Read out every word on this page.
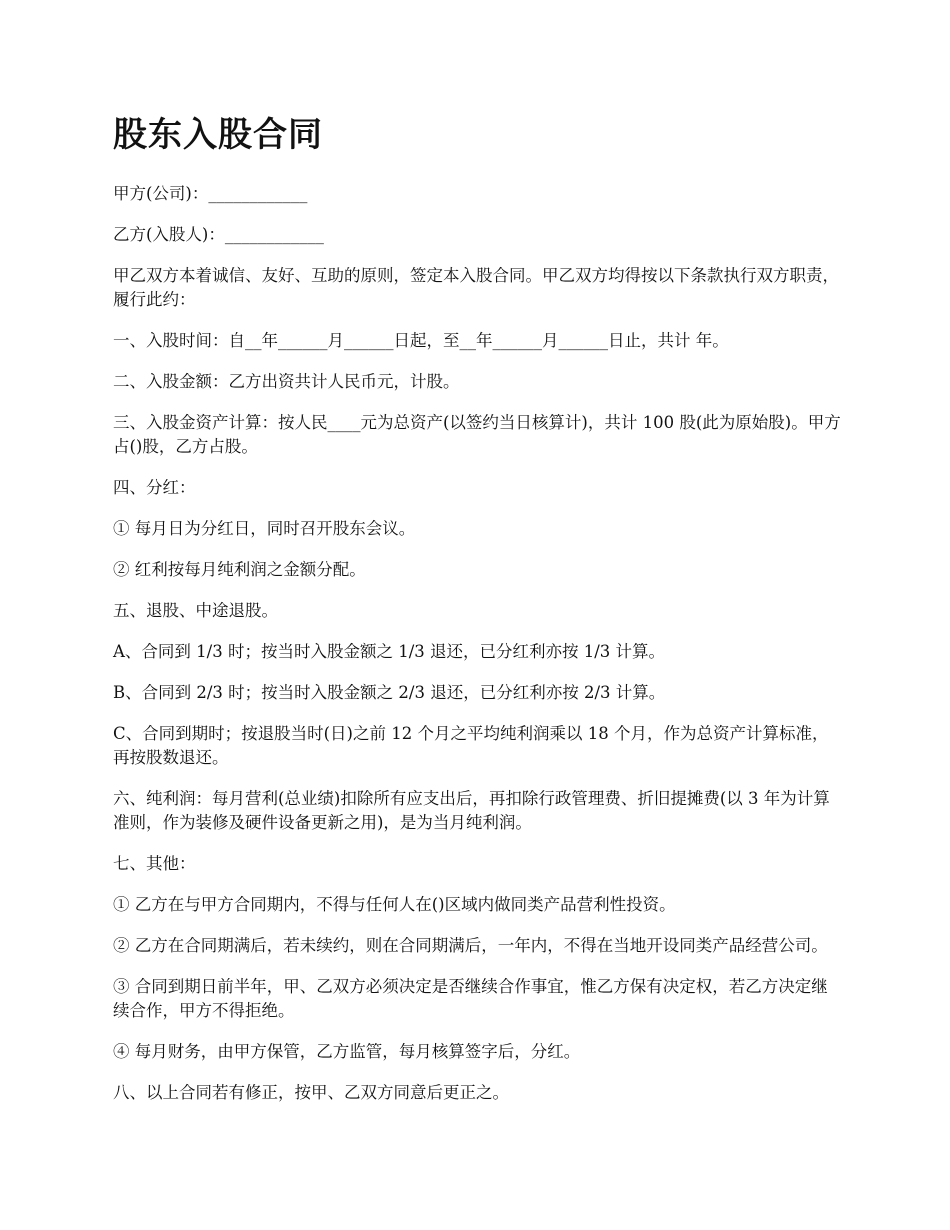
股东入股合同

甲方(公司)：____________

乙方(入股人)：____________

甲乙双方本着诚信、友好、互助的原则，签定本入股合同。甲乙双方均得按以下条款执行双方职责，履行此约：

一、入股时间：自__年______月______日起，至__年______月______日止，共计 年。

二、入股金额：乙方出资共计人民币元，计股。

三、入股金资产计算：按人民____元为总资产(以签约当日核算计)，共计 100 股(此为原始股)。甲方占()股，乙方占股。

四、分红：

① 每月日为分红日，同时召开股东会议。

② 红利按每月纯利润之金额分配。

五、退股、中途退股。

A、合同到 1/3 时；按当时入股金额之 1/3 退还，已分红利亦按 1/3 计算。

B、合同到 2/3 时；按当时入股金额之 2/3 退还，已分红利亦按 2/3 计算。

C、合同到期时；按退股当时(日)之前 12 个月之平均纯利润乘以 18 个月，作为总资产计算标准，再按股数退还。

六、纯利润：每月营利(总业绩)扣除所有应支出后，再扣除行政管理费、折旧提摊费(以 3 年为计算准则，作为装修及硬件设备更新之用)，是为当月纯利润。

七、其他：

① 乙方在与甲方合同期内，不得与任何人在()区域内做同类产品营利性投资。

② 乙方在合同期满后，若未续约，则在合同期满后，一年内，不得在当地开设同类产品经营公司。

③ 合同到期日前半年，甲、乙双方必须决定是否继续合作事宜，惟乙方保有决定权，若乙方决定继续合作，甲方不得拒绝。

④ 每月财务，由甲方保管，乙方监管，每月核算签字后，分红。

八、以上合同若有修正，按甲、乙双方同意后更正之。
